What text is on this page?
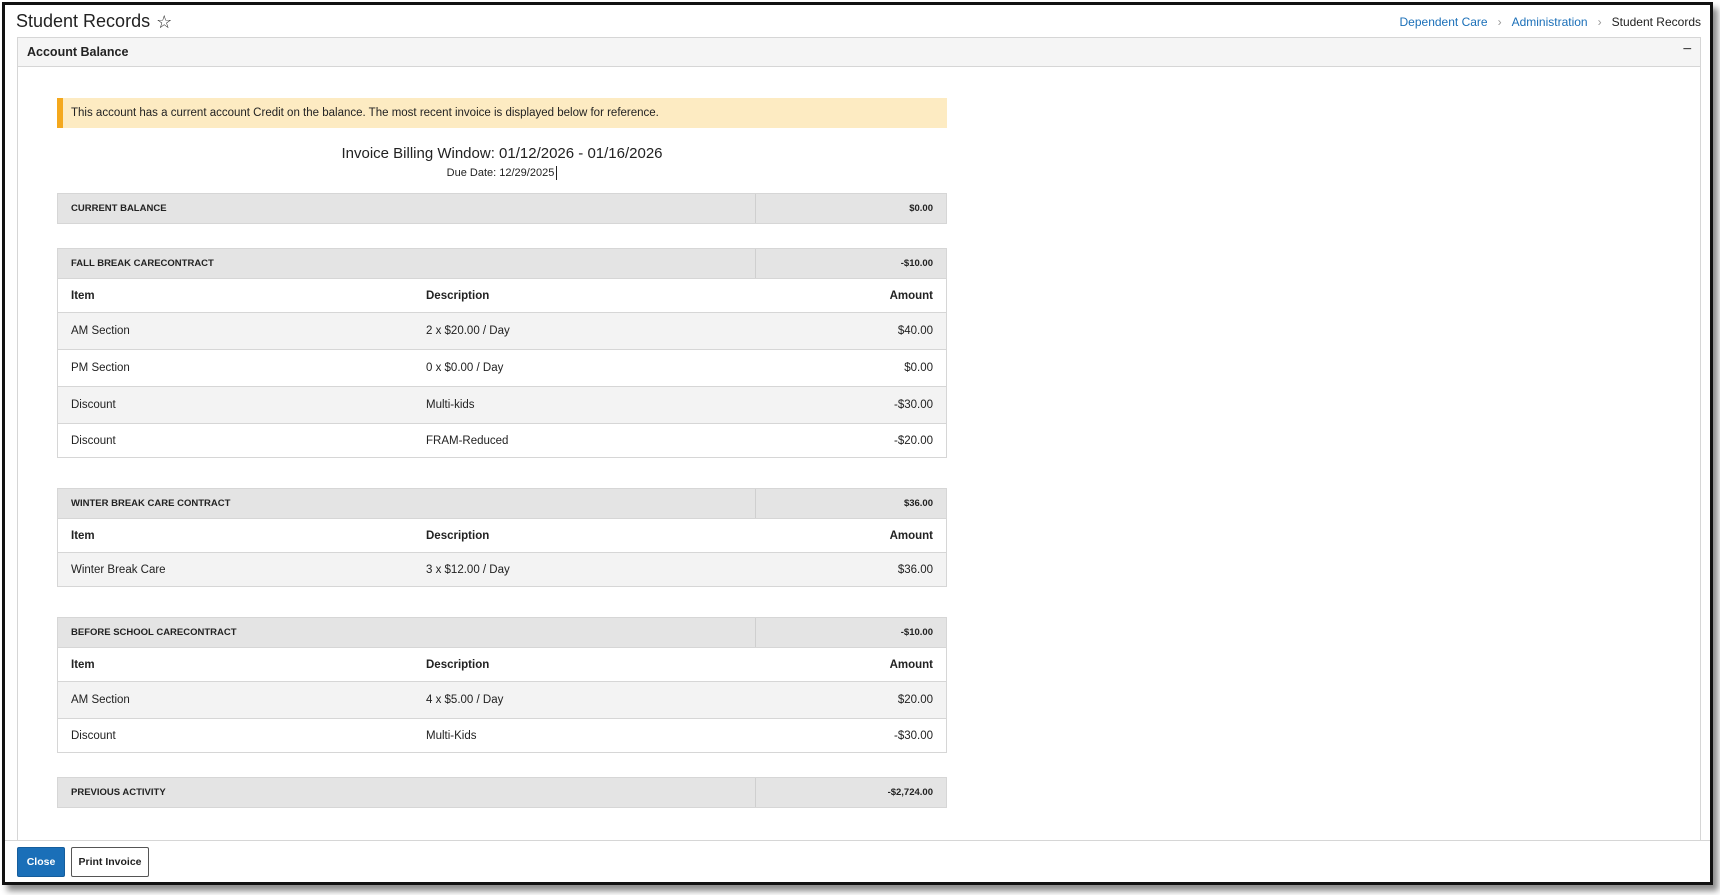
Student Records ☆	Dependent Care › Administration › Student Records
Account Balance	−
This account has a current account Credit on the balance. The most recent invoice is displayed below for reference.
Invoice Billing Window: 01/12/2026 - 01/16/2026
Due Date: 12/29/2025
CURRENT BALANCE	$0.00
FALL BREAK CARECONTRACT	-$10.00
Item	Description	Amount
AM Section	2 x $20.00 / Day	$40.00
PM Section	0 x $0.00 / Day	$0.00
Discount	Multi-kids	-$30.00
Discount	FRAM-Reduced	-$20.00
WINTER BREAK CARE CONTRACT	$36.00
Item	Description	Amount
Winter Break Care	3 x $12.00 / Day	$36.00
BEFORE SCHOOL CARECONTRACT	-$10.00
Item	Description	Amount
AM Section	4 x $5.00 / Day	$20.00
Discount	Multi-Kids	-$30.00
PREVIOUS ACTIVITY	-$2,724.00
Close	Print Invoice
